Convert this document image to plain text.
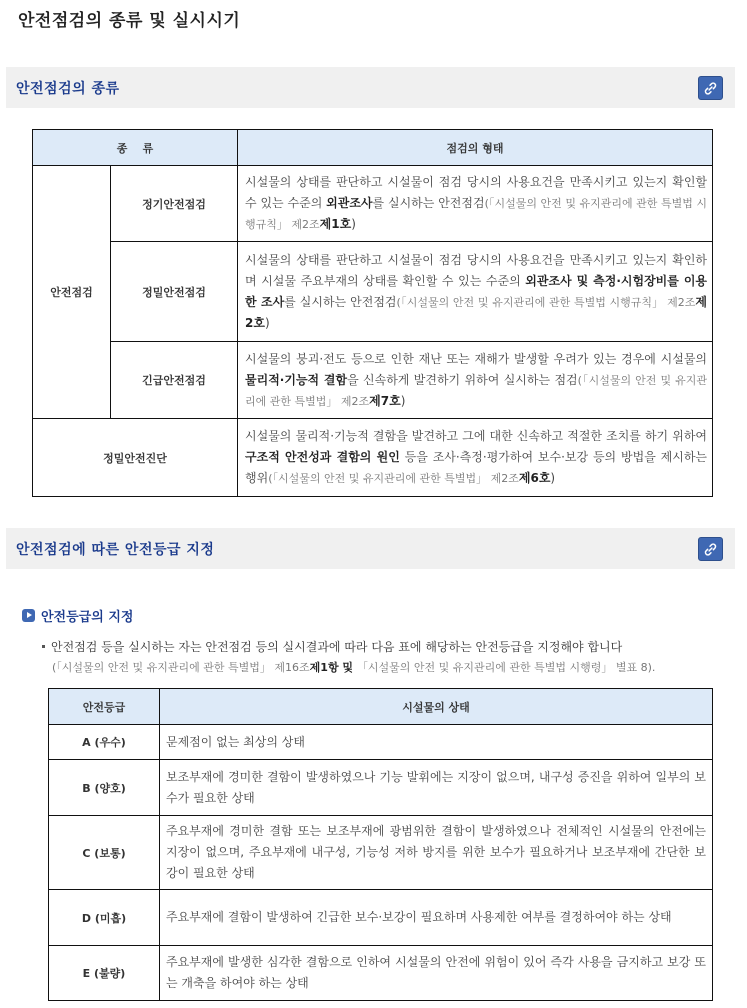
안전점검의 종류 및 실시시기
안전점검의 종류
종    류		점검의 형태
안전점검	정기안전점검	시설물의 상태를 판단하고 시설물이 점검 당시의 사용요건을 만족시키고 있는지 확인할 수 있는 수준의 외관조사를 실시하는 안전점검(「시설물의 안전 및 유지관리에 관한 특별법 시행규칙」 제2조제1호)
	정밀안전점검	시설물의 상태를 판단하고 시설물이 점검 당시의 사용요건을 만족시키고 있는지 확인하며 시설물 주요부재의 상태를 확인할 수 있는 수준의 외관조사 및 측정·시험장비를 이용한 조사를 실시하는 안전점검(「시설물의 안전 및 유지관리에 관한 특별법 시행규칙」 제2조제2호)
	긴급안전점검	시설물의 붕괴·전도 등으로 인한 재난 또는 재해가 발생할 우려가 있는 경우에 시설물의 물리적·기능적 결함을 신속하게 발견하기 위하여 실시하는 점검(「시설물의 안전 및 유지관리에 관한 특별법」 제2조제7호)
정밀안전진단		시설물의 물리적·기능적 결함을 발견하고 그에 대한 신속하고 적절한 조치를 하기 위하여 구조적 안전성과 결함의 원인 등을 조사·측정·평가하여 보수·보강 등의 방법을 제시하는 행위(「시설물의 안전 및 유지관리에 관한 특별법」 제2조제6호)
안전점검에 따른 안전등급 지정
안전등급의 지정
안전점검 등을 실시하는 자는 안전점검 등의 실시결과에 따라 다음 표에 해당하는 안전등급을 지정해야 합니다
(「시설물의 안전 및 유지관리에 관한 특별법」 제16조제1항 및 「시설물의 안전 및 유지관리에 관한 특별법 시행령」 별표 8).
안전등급	시설물의 상태
A (우수)	문제점이 없는 최상의 상태
B (양호)	보조부재에 경미한 결함이 발생하였으나 기능 발휘에는 지장이 없으며, 내구성 증진을 위하여 일부의 보수가 필요한 상태
C (보통)	주요부재에 경미한 결함 또는 보조부재에 광범위한 결함이 발생하였으나 전체적인 시설물의 안전에는 지장이 없으며, 주요부재에 내구성, 기능성 저하 방지를 위한 보수가 필요하거나 보조부재에 간단한 보강이 필요한 상태
D (미흡)	주요부재에 결함이 발생하여 긴급한 보수·보강이 필요하며 사용제한 여부를 결정하여야 하는 상태
E (불량)	주요부재에 발생한 심각한 결함으로 인하여 시설물의 안전에 위험이 있어 즉각 사용을 금지하고 보강 또는 개축을 하여야 하는 상태
